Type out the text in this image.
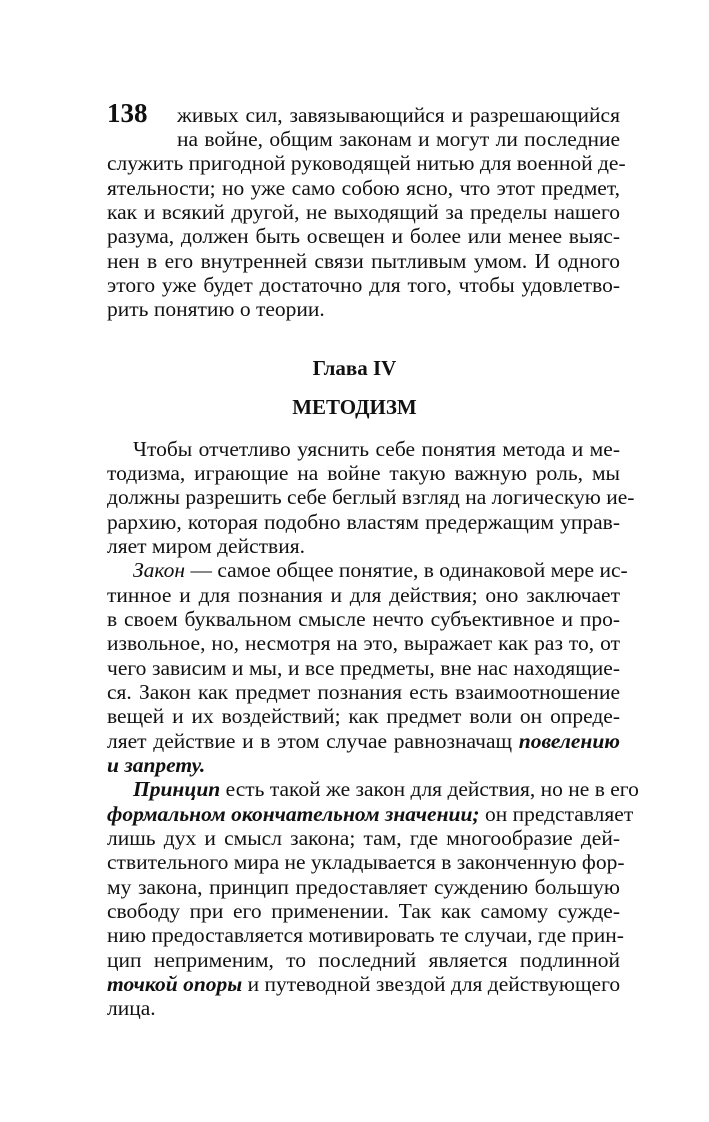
138 живых сил, завязывающийся и разрешающийся
на войне, общим законам и могут ли последние
служить пригодной руководящей нитью для военной де-
ятельности; но уже само собою ясно, что этот предмет,
как и всякий другой, не выходящий за пределы нашего
разума, должен быть освещен и более или менее выяс-
нен в его внутренней связи пытливым умом. И одного
этого уже будет достаточно для того, чтобы удовлетво-
рить понятию о теории.
Глава IV
МЕТОДИЗМ
Чтобы отчетливо уяснить себе понятия метода и ме-
тодизма, играющие на войне такую важную роль, мы
должны разрешить себе беглый взгляд на логическую ие-
рархию, которая подобно властям предержащим управ-
ляет миром действия.
Закон — самое общее понятие, в одинаковой мере ис-
тинное и для познания и для действия; оно заключает
в своем буквальном смысле нечто субъективное и про-
извольное, но, несмотря на это, выражает как раз то, от
чего зависим и мы, и все предметы, вне нас находящие-
ся. Закон как предмет познания есть взаимоотношение
вещей и их воздействий; как предмет воли он опреде-
ляет действие и в этом случае равнозначащ повелению
и запрету.
Принцип есть такой же закон для действия, но не в его
формальном окончательном значении; он представляет
лишь дух и смысл закона; там, где многообразие дей-
ствительного мира не укладывается в законченную фор-
му закона, принцип предоставляет суждению большую
свободу при его применении. Так как самому сужде-
нию предоставляется мотивировать те случаи, где прин-
цип неприменим, то последний является подлинной
точкой опоры и путеводной звездой для действующего
лица.
